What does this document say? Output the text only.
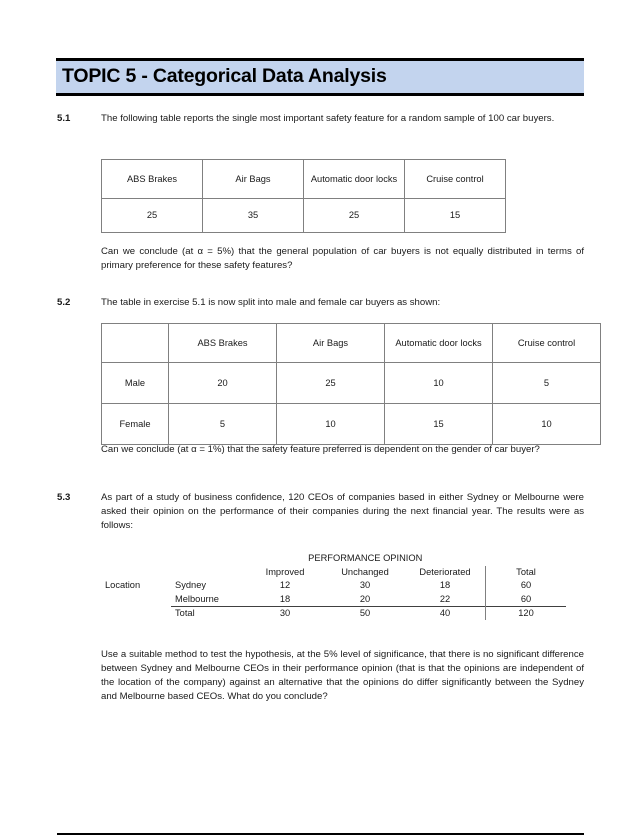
TOPIC 5 - Categorical Data Analysis
5.1	The following table reports the single most important safety feature for a random sample of 100 car buyers.
ABS Brakes	Air Bags	Automatic door locks	Cruise control
25	35	25	15
Can we conclude (at α = 5%) that the general population of car buyers is not equally distributed in terms of primary preference for these safety features?
5.2	The table in exercise 5.1 is now split into male and female car buyers as shown:
	ABS Brakes	Air Bags	Automatic door locks	Cruise control
Male	20	25	10	5
Female	5	10	15	10
Can we conclude (at α = 1%) that the safety feature preferred is dependent on the gender of car buyer?
5.3	As part of a study of business confidence, 120 CEOs of companies based in either Sydney or Melbourne were asked their opinion on the performance of their companies during the next financial year. The results were as follows:
		PERFORMANCE OPINION			
		Improved	Unchanged	Deteriorated	Total
Location	Sydney	12	30	18	60
	Melbourne	18	20	22	60
	Total	30	50	40	120
Use a suitable method to test the hypothesis, at the 5% level of significance, that there is no significant difference between Sydney and Melbourne CEOs in their performance opinion (that is that the opinions are independent of the location of the company) against an alternative that the opinions do differ significantly between the Sydney and Melbourne based CEOs. What do you conclude?
